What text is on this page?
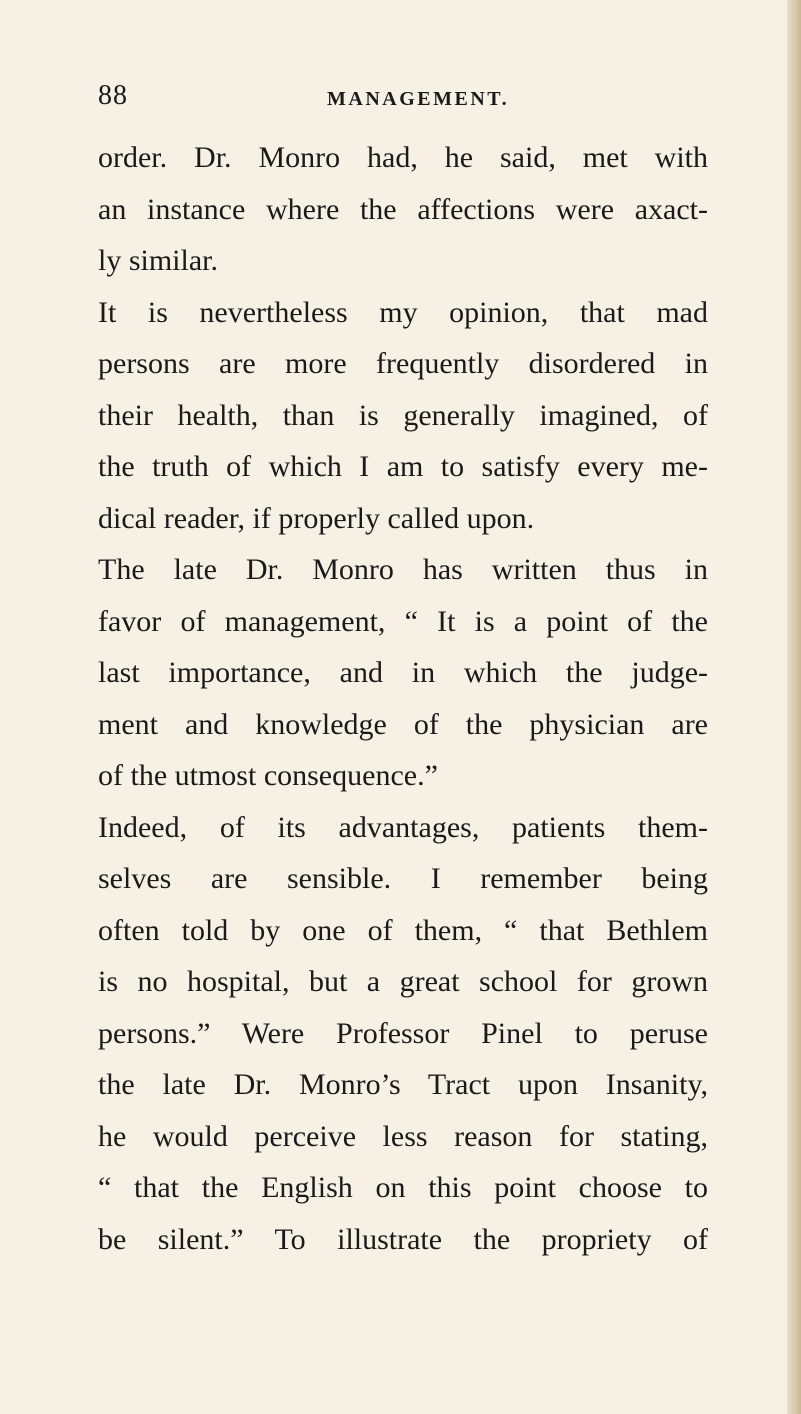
88	MANAGEMENT.
order. Dr. Monro had, he said, met with
an instance where the affections were axact-
ly similar.
It is nevertheless my opinion, that mad
persons are more frequently disordered in
their health, than is generally imagined, of
the truth of which I am to satisfy every me-
dical reader, if properly called upon.
The late Dr. Monro has written thus in
favor of management, “ It is a point of the
last importance, and in which the judge-
ment and knowledge of the physician are
of the utmost consequence.”
Indeed, of its advantages, patients them-
selves are sensible. I remember being
often told by one of them, “ that Bethlem
is no hospital, but a great school for grown
persons.” Were Professor Pinel to peruse
the late Dr. Monro’s Tract upon Insanity,
he would perceive less reason for stating,
“ that the English on this point choose to
be silent.” To illustrate the propriety of
